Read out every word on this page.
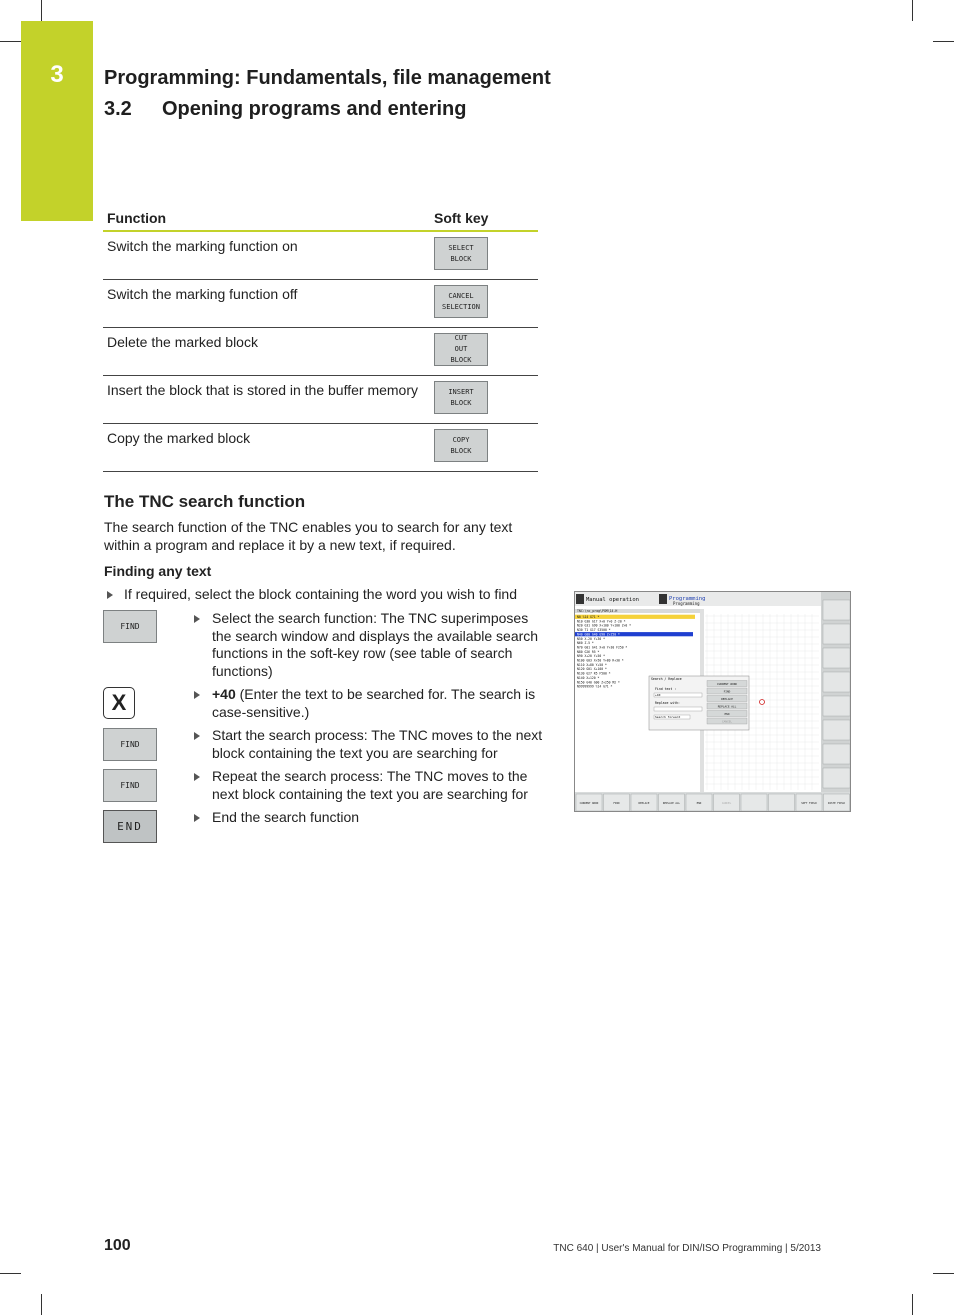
3	Programming: Fundamentals, file management
3.2 Opening programs and entering
Function	Soft key
Switch the marking function on	SELECT
BLOCK

Switch the marking function off	CANCEL
SELECTION

Delete the marked block	CUT
OUT
BLOCK

Insert the block that is stored in the buffer memory	INSERT
BLOCK

Copy the marked block	COPY
BLOCK
The TNC search function
The search function of the TNC enables you to search for any text within a program and replace it by a new text, if required.
Finding any text
If required, select the block containing the word you wish to find
FIND
Select the search function: The TNC superimposes the search window and displays the available search functions in the soft-key row (see table of search functions)
X	+40 (Enter the text to be searched for. The search is case-sensitive.)
FIND
Start the search process: The TNC moves to the next block containing the text you are searching for
FIND
Repeat the search process: The TNC moves to the next block containing the text you are searching for
END
End the search function
Manual operation	Programming
Programming
TNC:\nc_prog\PGM\14.H
N0 %14 G71 *
N10 G30 G17 X+0 Y+0 Z-20 *
N20 G31 G90 X+100 Y+100 Z+0 *
N30 T1 G17 S3500 *
N40 G00 G40 G90 Z+250 *
N50 X-20 Y+30 *
N60 Z-5 *
N70 G01 G41 X+0 Y+30 F250 *
N80 G26 R5 *
N90 X+20 Y+50 *
N100 G03 X+50 Y+80 R+30 *
N110 X+80 Y+50 *
N120 G01 X+100 *
N130 G27 R5 F500 *
N140 X+120 *
N150 G40 G00 Z+250 M2 *
N99999999 %14 G71 *
Search / Replace
Find text :
+40
Replace with:
Search forward
CURRENT WORD
FIND
REPLACE
REPLACE ALL
END
CANCEL
CURRENT WORD	FIND	REPLACE	REPLACE ALL	END	CANCEL	SOFT FIELD	PASTE FIELD
100	TNC 640 | User's Manual for DIN/ISO Programming | 5/2013
